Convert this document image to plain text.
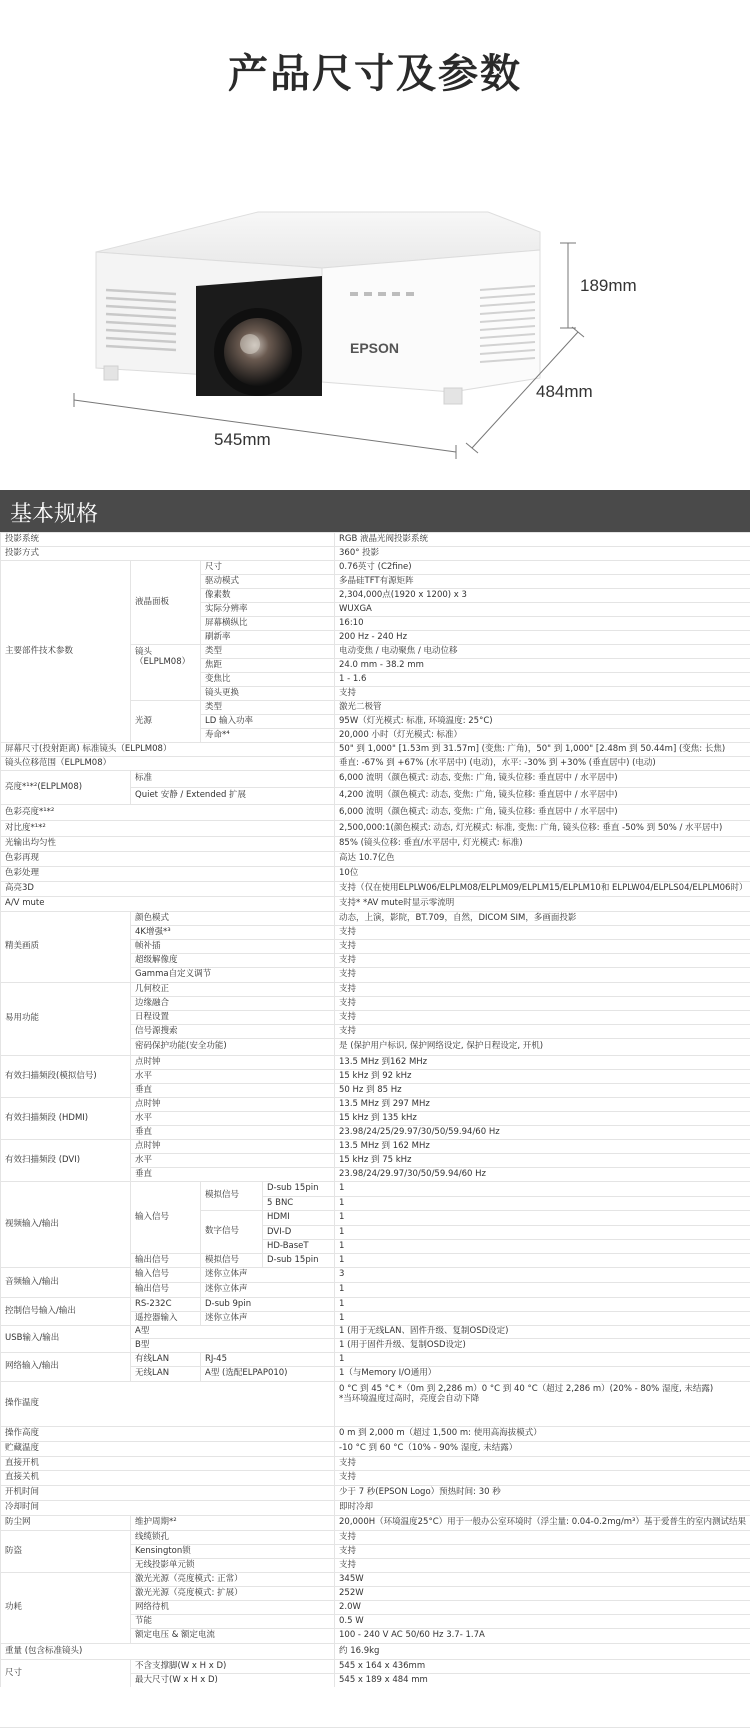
产品尺寸及参数
EPSON
189mm
484mm
545mm
基本规格
投影系统	RGB 液晶光阀投影系统
投影方式	360° 投影
主要部件技术参数
液晶面板
尺寸	0.76英寸 (C2fine)
驱动模式	多晶硅TFT有源矩阵
像素数	2,304,000点(1920 x 1200) x 3
实际分辨率	WUXGA
屏幕横纵比	16:10
刷新率	200 Hz - 240 Hz
镜头
（ELPLM08）
类型	电动变焦 / 电动聚焦 / 电动位移
焦距	24.0 mm - 38.2 mm
变焦比	1 - 1.6
镜头更换	支持
光源
类型	激光二极管
LD 输入功率	95W（灯光模式: 标准, 环境温度: 25°C)
寿命*⁴	20,000 小时（灯光模式: 标准）
屏幕尺寸(投射距离) 标准镜头（ELPLM08）	50" 到 1,000" [1.53m 到 31.57m] (变焦: 广角)，50" 到 1,000" [2.48m 到 50.44m] (变焦: 长焦)
镜头位移范围（ELPLM08）	垂直: -67% 到 +67% (水平居中) (电动)，水平: -30% 到 +30% (垂直居中) (电动)
亮度*¹*²(ELPLM08)
标准	6,000 流明（颜色模式: 动态, 变焦: 广角, 镜头位移: 垂直居中 / 水平居中)
Quiet 安静 / Extended 扩展	4,200 流明（颜色模式: 动态, 变焦: 广角, 镜头位移: 垂直居中 / 水平居中)
色彩亮度*¹*²	6,000 流明（颜色模式: 动态, 变焦: 广角, 镜头位移: 垂直居中 / 水平居中)
对比度*¹*²	2,500,000:1(颜色模式: 动态, 灯光模式: 标准, 变焦: 广角, 镜头位移: 垂直 -50% 到 50% / 水平居中)
光输出均匀性	85% (镜头位移: 垂直/水平居中, 灯光模式: 标准)
色彩再现	高达 10.7亿色
色彩处理	10位
高亮3D	支持（仅在使用ELPLW06/ELPLM08/ELPLM09/ELPLM15/ELPLM10和 ELPLW04/ELPLS04/ELPLM06时）
A/V mute	支持* *AV mute时显示零流明
精美画质
颜色模式	动态，上演，影院，BT.709，自然，DICOM SIM，多画面投影
4K增强*³	支持
帧补插	支持
超级解像度	支持
Gamma自定义调节	支持
易用功能
几何校正	支持
边缘融合	支持
日程设置	支持
信号源搜索	支持
密码保护功能(安全功能)	是 (保护用户标识, 保护网络设定, 保护日程设定, 开机)
有效扫描频段(模拟信号)
点时钟	13.5 MHz 到162 MHz
水平	15 kHz 到 92 kHz
垂直	50 Hz 到 85 Hz
有效扫描频段 (HDMI)
点时钟	13.5 MHz 到 297 MHz
水平	15 kHz 到 135 kHz
垂直	23.98/24/25/29.97/30/50/59.94/60 Hz
有效扫描频段 (DVI)
点时钟	13.5 MHz 到 162 MHz
水平	15 kHz 到 75 kHz
垂直	23.98/24/29.97/30/50/59.94/60 Hz
视频输入/输出
输入信号
模拟信号
D-sub 15pin	1
5 BNC	1
数字信号
HDMI	1
DVI-D	1
HD-BaseT	1
输出信号	模拟信号	D-sub 15pin	1
音频输入/输出
输入信号	迷你立体声	3
输出信号	迷你立体声	1
控制信号输入/输出
RS-232C	D-sub 9pin	1
遥控器输入	迷你立体声	1
USB输入/输出
A型	1 (用于无线LAN、固件升级、复制OSD设定)
B型	1 (用于固件升级、复制OSD设定)
网络输入/输出
有线LAN	RJ-45	1
无线LAN	A型 (选配ELPAP010)	1（与Memory I/O通用）
操作温度
0 °C 到 45 °C *（0m 到 2,286 m）0 °C 到 40 °C（超过 2,286 m）(20% - 80% 湿度, 未结露)
*当环境温度过高时，亮度会自动下降
操作高度	0 m 到 2,000 m（超过 1,500 m: 使用高海拔模式）
贮藏温度	-10 °C 到 60 °C（10% - 90% 湿度, 未结露）
直接开机	支持
直接关机	支持
开机时间	少于 7 秒(EPSON Logo）预热时间: 30 秒
冷却时间	即时冷却
防尘网	维护周期*²	20,000H（环境温度25°C）用于一般办公室环境时（浮尘量: 0.04-0.2mg/m³）基于爱普生的室内测试结果
防盗
线缆锁孔	支持
Kensington锁	支持
无线投影单元锁	支持
功耗
激光光源（亮度模式: 正常）	345W
激光光源（亮度模式: 扩展）	252W
网络待机	2.0W
节能	0.5 W
额定电压 & 额定电流	100 - 240 V AC 50/60 Hz 3.7- 1.7A
重量 (包含标准镜头)	约 16.9kg
尺寸
不含支撑脚(W x H x D)	545 x 164 x 436mm
最大尺寸(W x H x D)	545 x 189 x 484 mm
